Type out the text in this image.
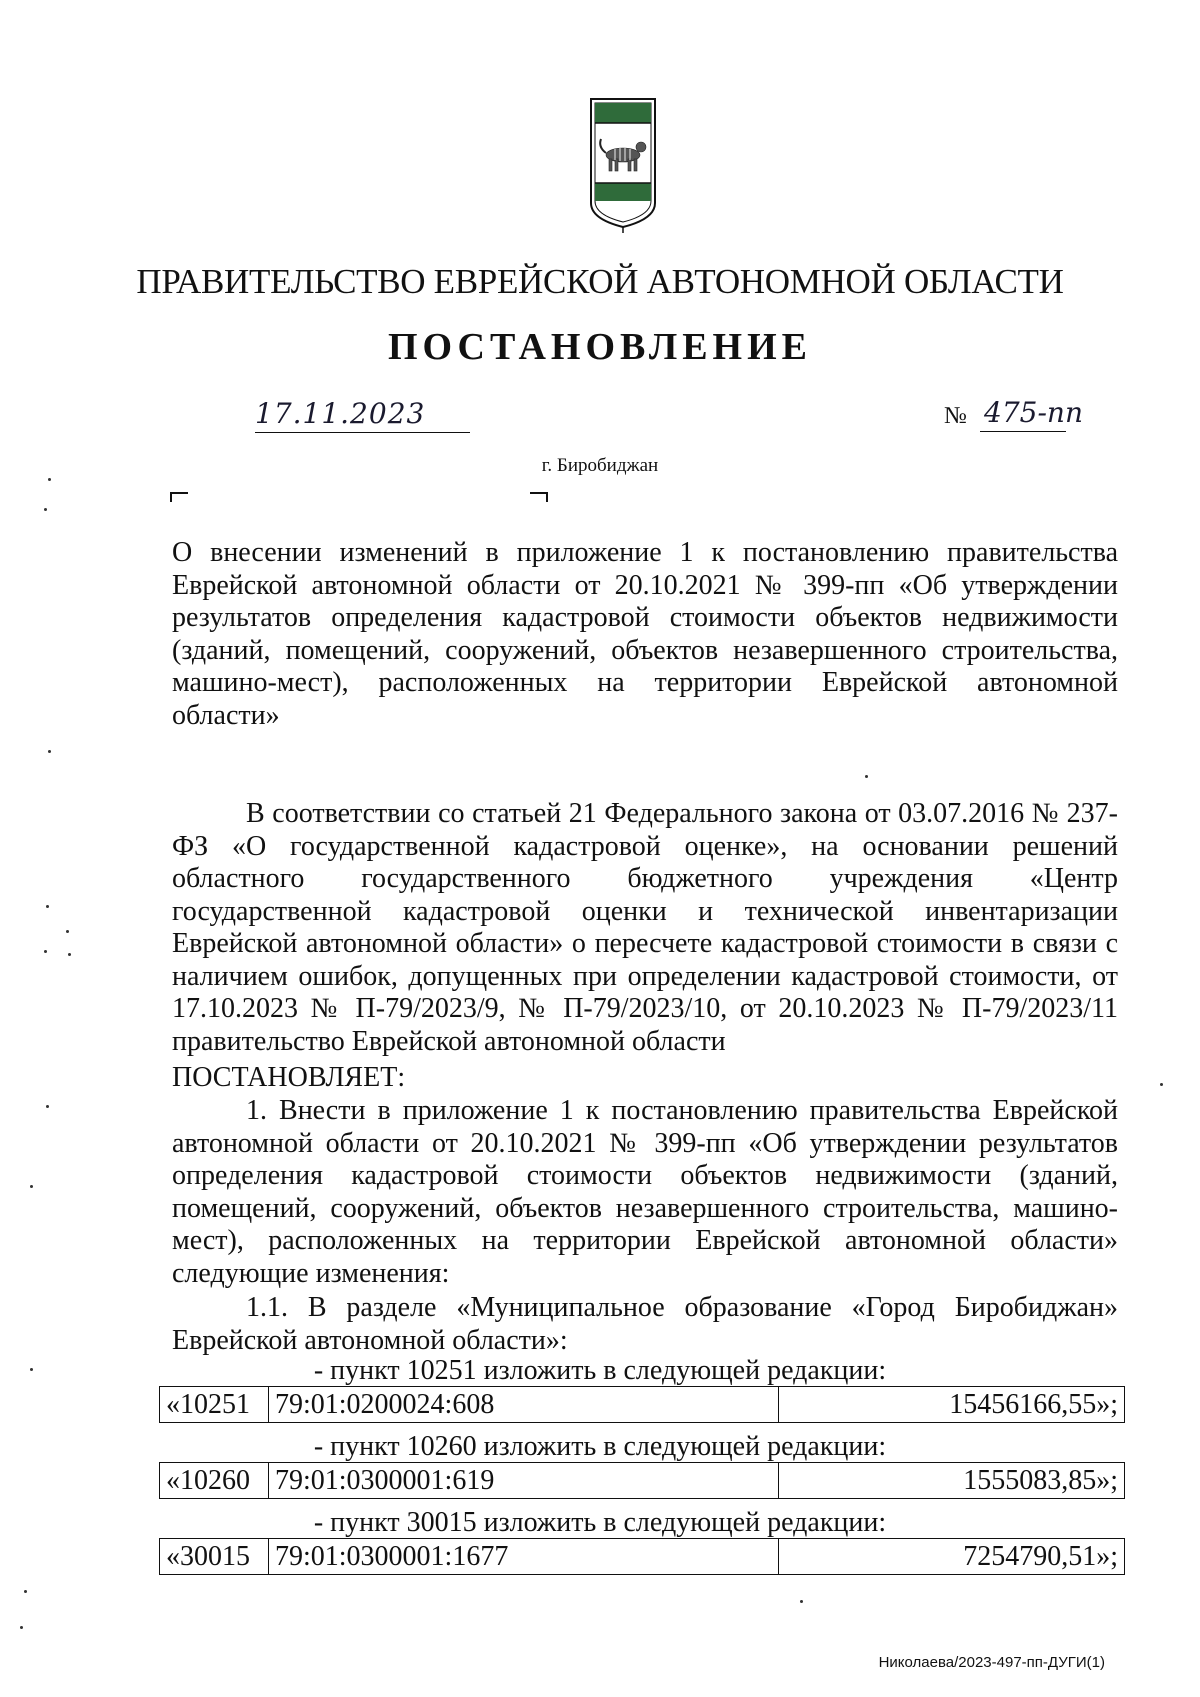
ПРАВИТЕЛЬСТВО ЕВРЕЙСКОЙ АВТОНОМНОЙ ОБЛАСТИ
ПОСТАНОВЛЕНИЕ
17.11.2023	№ 475-пп
г. Биробиджан
О внесении изменений в приложение 1 к постановлению правительства Еврейской автономной области от 20.10.2021 № 399-пп «Об утверждении результатов определения кадастровой стоимости объектов недвижимости (зданий, помещений, сооружений, объектов незавершенного строительства, машино-мест), расположенных на территории Еврейской автономной области»
В соответствии со статьей 21 Федерального закона от 03.07.2016 № 237-ФЗ «О государственной кадастровой оценке», на основании решений областного государственного бюджетного учреждения «Центр государственной кадастровой оценки и технической инвентаризации Еврейской автономной области» о пересчете кадастровой стоимости в связи с наличием ошибок, допущенных при определении кадастровой стоимости, от 17.10.2023 № П-79/2023/9, № П-79/2023/10, от 20.10.2023 № П-79/2023/11 правительство Еврейской автономной области
ПОСТАНОВЛЯЕТ:
1. Внести в приложение 1 к постановлению правительства Еврейской автономной области от 20.10.2021 № 399-пп «Об утверждении результатов определения кадастровой стоимости объектов недвижимости (зданий, помещений, сооружений, объектов незавершенного строительства, машино-мест), расположенных на территории Еврейской автономной области» следующие изменения:
1.1. В разделе «Муниципальное образование «Город Биробиджан» Еврейской автономной области»:
- пункт 10251 изложить в следующей редакции:
«10251	79:01:0200024:608	15456166,55»;
- пункт 10260 изложить в следующей редакции:
«10260	79:01:0300001:619	1555083,85»;
- пункт 30015 изложить в следующей редакции:
«30015	79:01:0300001:1677	7254790,51»;
Николаева/2023-497-пп-ДУГИ(1)
